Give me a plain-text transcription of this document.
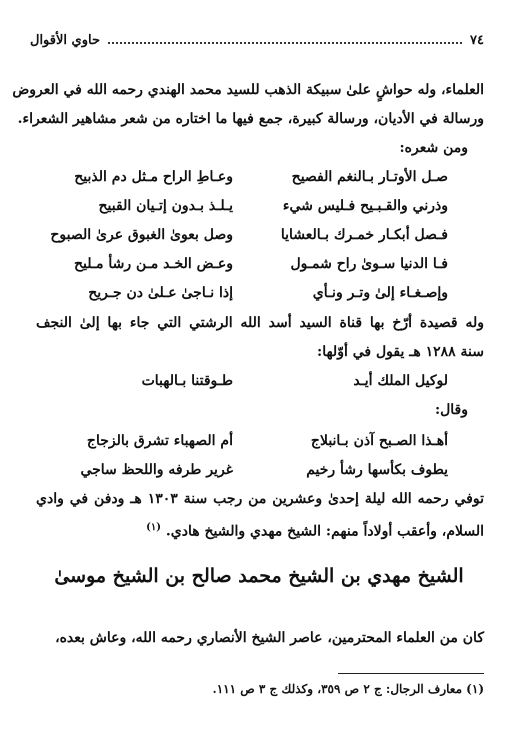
٧٤
حاوي الأقوال
العلماء، وله حواشٍ علىٰ سبيكة الذهب للسيد محمد الهندي رحمه الله في العروض
ورسالة في الأديان، ورسالة كبيرة، جمع فيها ما اختاره من شعر مشاهير الشعراء.
ومن شعره:
صـل الأوتـار بـالنغم الفصيح
وعـاطِ الراح مـثل دم الذبيح
وذرني والقـبـيح فـليس شيء
يـلـذ بـدون إتـيان القبيح
فـصل أبكـار خمـرك بـالعشايا
وصل بعوىٰ الغبوق عرىٰ الصبوح
فـا الدنيا سـوىٰ راح شمـول
وعـض الخـد مـن رشأ مـليح
وإصـغـاء إلىٰ وتـر ونـأي
إذا نـاجىٰ عـلىٰ دن جـريح
وله قصيدة أرّخ بها قناة السيد أسد الله الرشتي التي جاء بها إلىٰ النجف
سنة ١٢٨٨ هـ يقول في أوّلها:
لوكيل الملك أيـد
طـوقتنا بـالهبات
وقال:
أهـذا الصـبح آذن بـانبلاج
أم الصهباء تشرق بالزجاج
يطوف بكأسها رشأ رخيم
غرير طرفه واللحظ ساجي
توفي رحمه الله ليلة إحدىٰ وعشرين من رجب سنة ١٣٠٣ هـ ودفن في وادي
السلام، وأعقب أولاداً منهم: الشيخ مهدي والشيخ هادي. $^{(١)}$
الشيخ مهدي بن الشيخ محمد صالح بن الشيخ موسىٰ
كان من العلماء المحترمين، عاصر الشيخ الأنصاري رحمه الله، وعاش بعده،
(١) معارف الرجال: ج ٢ ص ٣٥٩، وكذلك ج ٣ ص ١١١.
